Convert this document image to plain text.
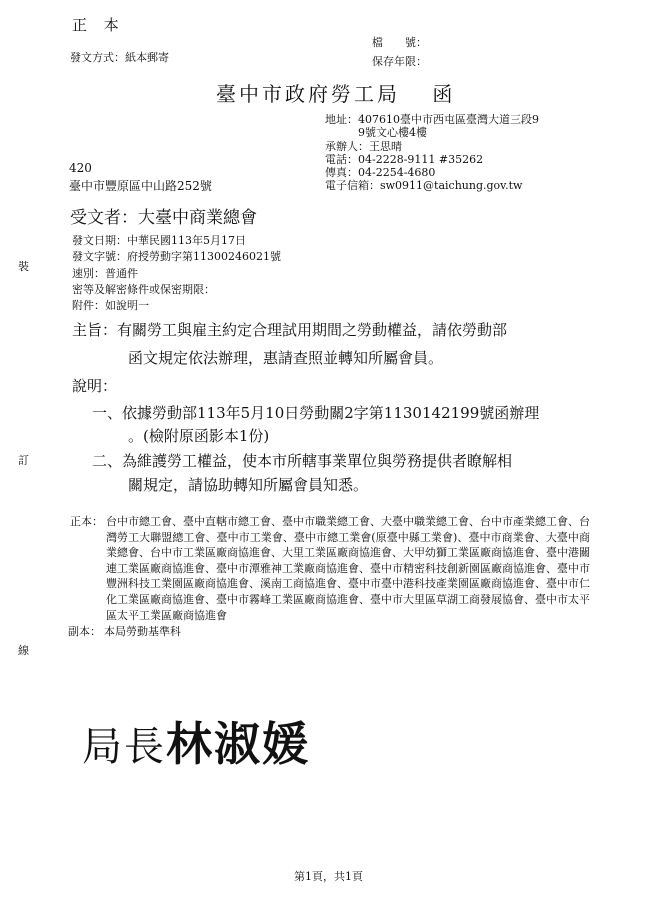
正 本
發文方式：紙本郵寄
檔　　號：
保存年限：
臺中市政府勞工局　 函
地址：407610臺中市西屯區臺灣大道三段9
9號文心樓4樓
承辦人：王思晴
電話：04-2228-9111 #35262
傳真：04-2254-4680
電子信箱：sw0911@taichung.gov.tw
420
臺中市豐原區中山路252號
受文者：大臺中商業總會
發文日期：中華民國113年5月17日
發文字號：府授勞動字第11300246021號
速別：普通件
密等及解密條件或保密期限：
附件：如說明一
裝
訂
線
主旨：有關勞工與雇主約定合理試用期間之勞動權益，請依勞動部
函文規定依法辦理，惠請查照並轉知所屬會員。
說明：
一、依據勞動部113年5月10日勞動關2字第1130142199號函辦理
。(檢附原函影本1份)
二、為維護勞工權益，使本市所轄事業單位與勞務提供者瞭解相
關規定，請協助轉知所屬會員知悉。
正本： 台中市總工會、臺中直轄市總工會、臺中市職業總工會、大臺中職業總工會、台中市產業總工會、台灣勞工大聯盟總工會、臺中市工業會、臺中市總工業會(原臺中縣工業會)、臺中市商業會、大臺中商業總會、台中市工業區廠商協進會、大里工業區廠商協進會、大甲幼獅工業區廠商協進會、臺中港關連工業區廠商協進會、臺中市潭雅神工業廠商協進會、臺中市精密科技創新園區廠商協進會、臺中市豐洲科技工業園區廠商協進會、溪南工商協進會、臺中市臺中港科技產業園區廠商協進會、臺中市仁化工業區廠商協進會、臺中市霧峰工業區廠商協進會、臺中市大里區草湖工商發展協會、臺中市太平區太平工業區廠商協進會
副本： 本局勞動基準科
局長林淑媛
第1頁，共1頁
